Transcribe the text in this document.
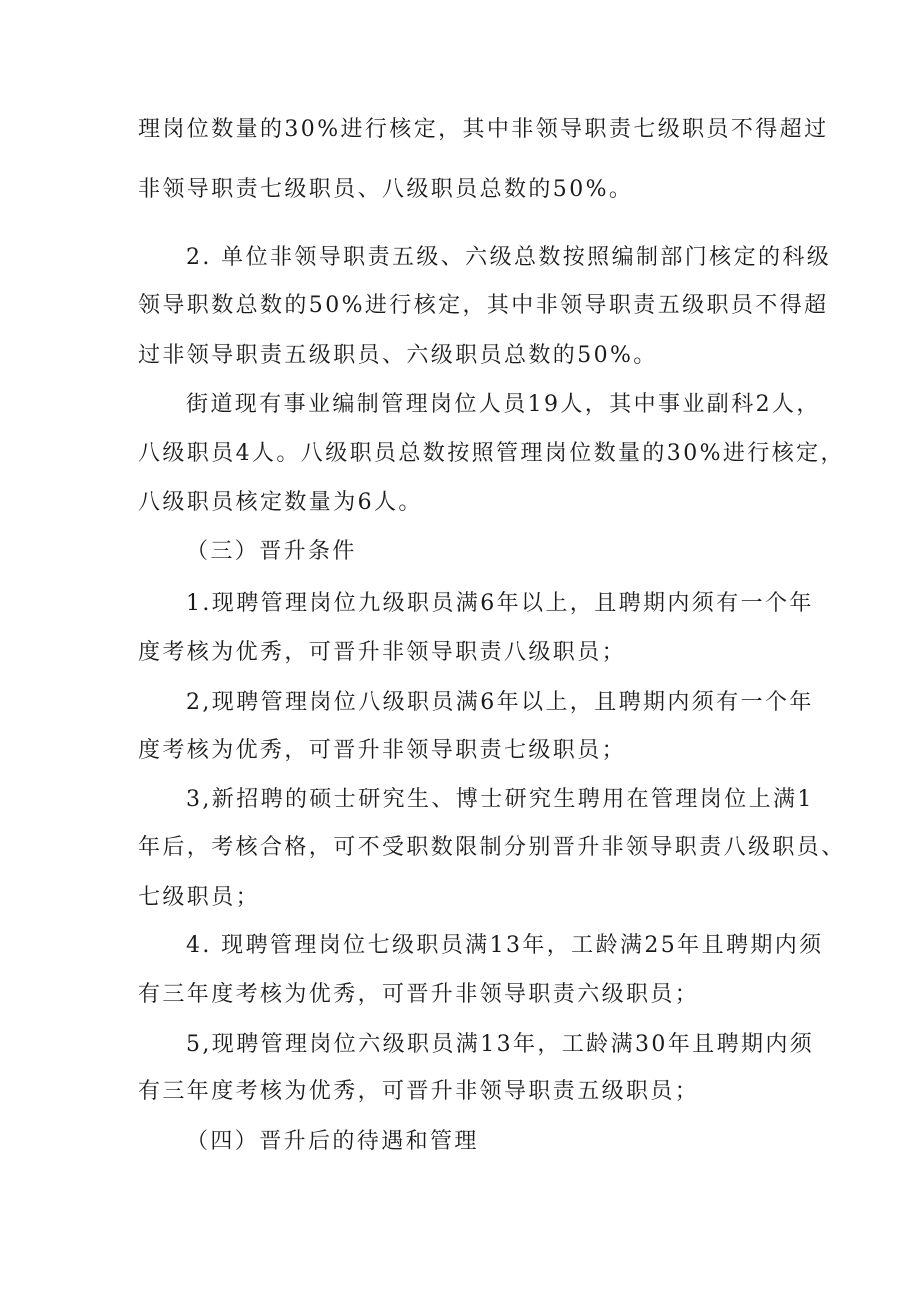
理岗位数量的30%进行核定，其中非领导职责七级职员不得超过
非领导职责七级职员、八级职员总数的50%。
2. 单位非领导职责五级、六级总数按照编制部门核定的科级
领导职数总数的50%进行核定，其中非领导职责五级职员不得超
过非领导职责五级职员、六级职员总数的50%。
街道现有事业编制管理岗位人员19人，其中事业副科2人，
八级职员4人。八级职员总数按照管理岗位数量的30%进行核定，
八级职员核定数量为6人。
（三）晋升条件
1.现聘管理岗位九级职员满6年以上，且聘期内须有一个年
度考核为优秀，可晋升非领导职责八级职员；
2,现聘管理岗位八级职员满6年以上，且聘期内须有一个年
度考核为优秀，可晋升非领导职责七级职员；
3,新招聘的硕士研究生、博士研究生聘用在管理岗位上满1
年后，考核合格，可不受职数限制分别晋升非领导职责八级职员、
七级职员；
4. 现聘管理岗位七级职员满13年，工龄满25年且聘期内须
有三年度考核为优秀，可晋升非领导职责六级职员；
5,现聘管理岗位六级职员满13年，工龄满30年且聘期内须
有三年度考核为优秀，可晋升非领导职责五级职员；
（四）晋升后的待遇和管理
